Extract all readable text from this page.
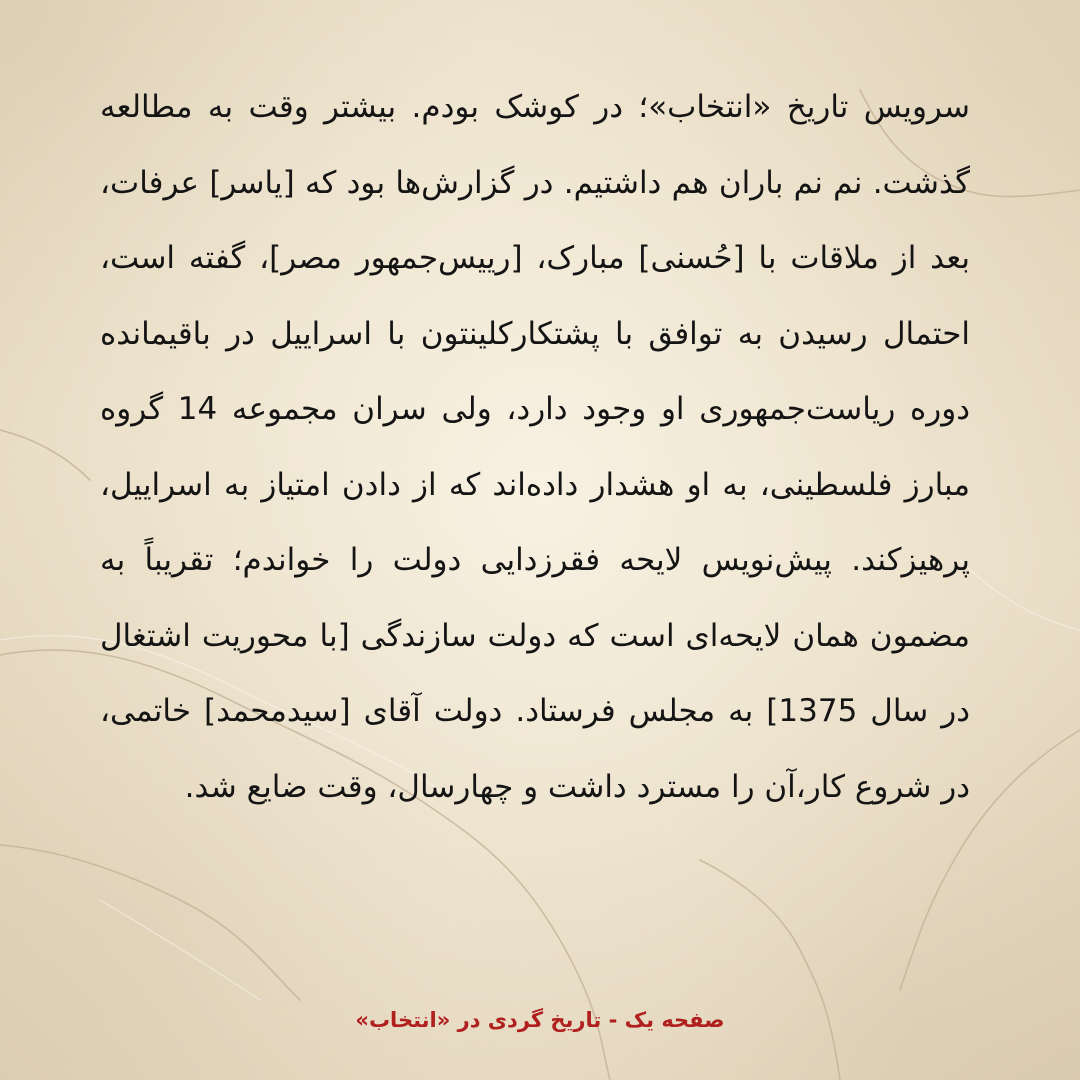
سرویس تاریخ «انتخاب»؛ در کوشک بودم. بیشتر وقت به مطالعه گذشت. نم نم باران هم داشتیم. در گزارش‌ها بود که [یاسر] عرفات، بعد از ملاقات با [حُسنی] مبارک، [رییس‌جمهور مصر]، گفته است، احتمال رسیدن به توافق با پشتکارکلینتون با اسراییل در باقیمانده دوره ریاست‌جمهوری او وجود دارد، ولی سران مجموعه 14 گروه مبارز فلسطینی، به او هشدار داده‌اند که از دادن امتیاز به اسراییل، پرهیزکند. پیش‌نویس لایحه فقرزدایی دولت را خواندم؛ تقریباً به مضمون همان لایحه‌ای است که دولت سازندگی [با محوریت اشتغال در سال 1375] به مجلس فرستاد. دولت آقای [سیدمحمد] خاتمی، در شروع کار،آن را مسترد داشت و چهارسال، وقت ضایع شد.
صفحه یک - تاریخ گردی در «انتخاب»
